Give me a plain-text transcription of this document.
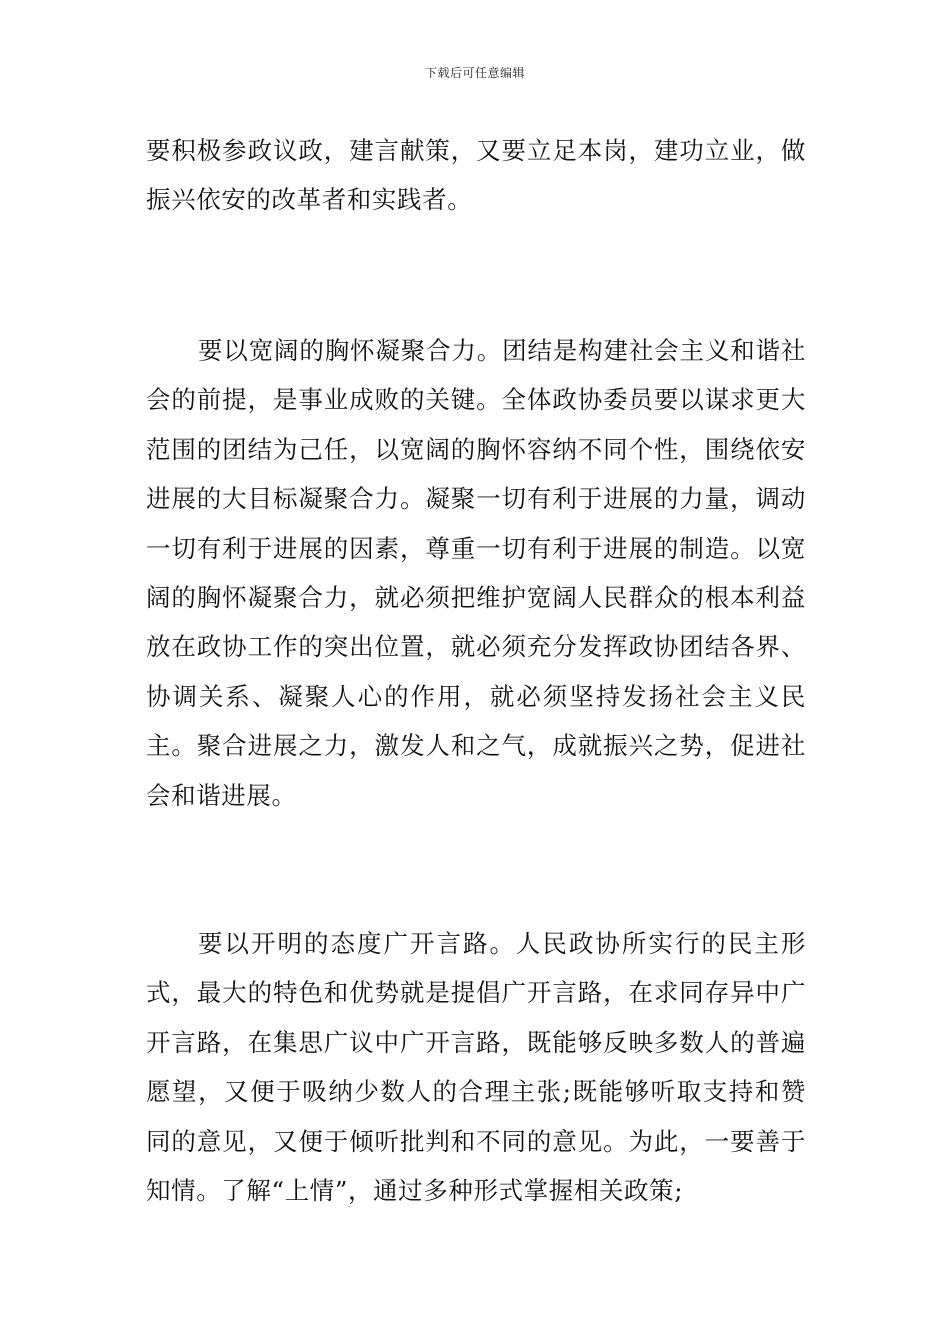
下载后可任意编辑

要积极参政议政，建言献策，又要立足本岗，建功立业，做振兴依安的改革者和实践者。

要以宽阔的胸怀凝聚合力。团结是构建社会主义和谐社会的前提，是事业成败的关键。全体政协委员要以谋求更大范围的团结为己任，以宽阔的胸怀容纳不同个性，围绕依安进展的大目标凝聚合力。凝聚一切有利于进展的力量，调动一切有利于进展的因素，尊重一切有利于进展的制造。以宽阔的胸怀凝聚合力，就必须把维护宽阔人民群众的根本利益放在政协工作的突出位置，就必须充分发挥政协团结各界、协调关系、凝聚人心的作用，就必须坚持发扬社会主义民主。聚合进展之力，激发人和之气，成就振兴之势，促进社会和谐进展。

要以开明的态度广开言路。人民政协所实行的民主形式，最大的特色和优势就是提倡广开言路，在求同存异中广开言路，在集思广议中广开言路，既能够反映多数人的普遍愿望，又便于吸纳少数人的合理主张;既能够听取支持和赞同的意见，又便于倾听批判和不同的意见。为此，一要善于知情。了解“上情”，通过多种形式掌握相关政策;
